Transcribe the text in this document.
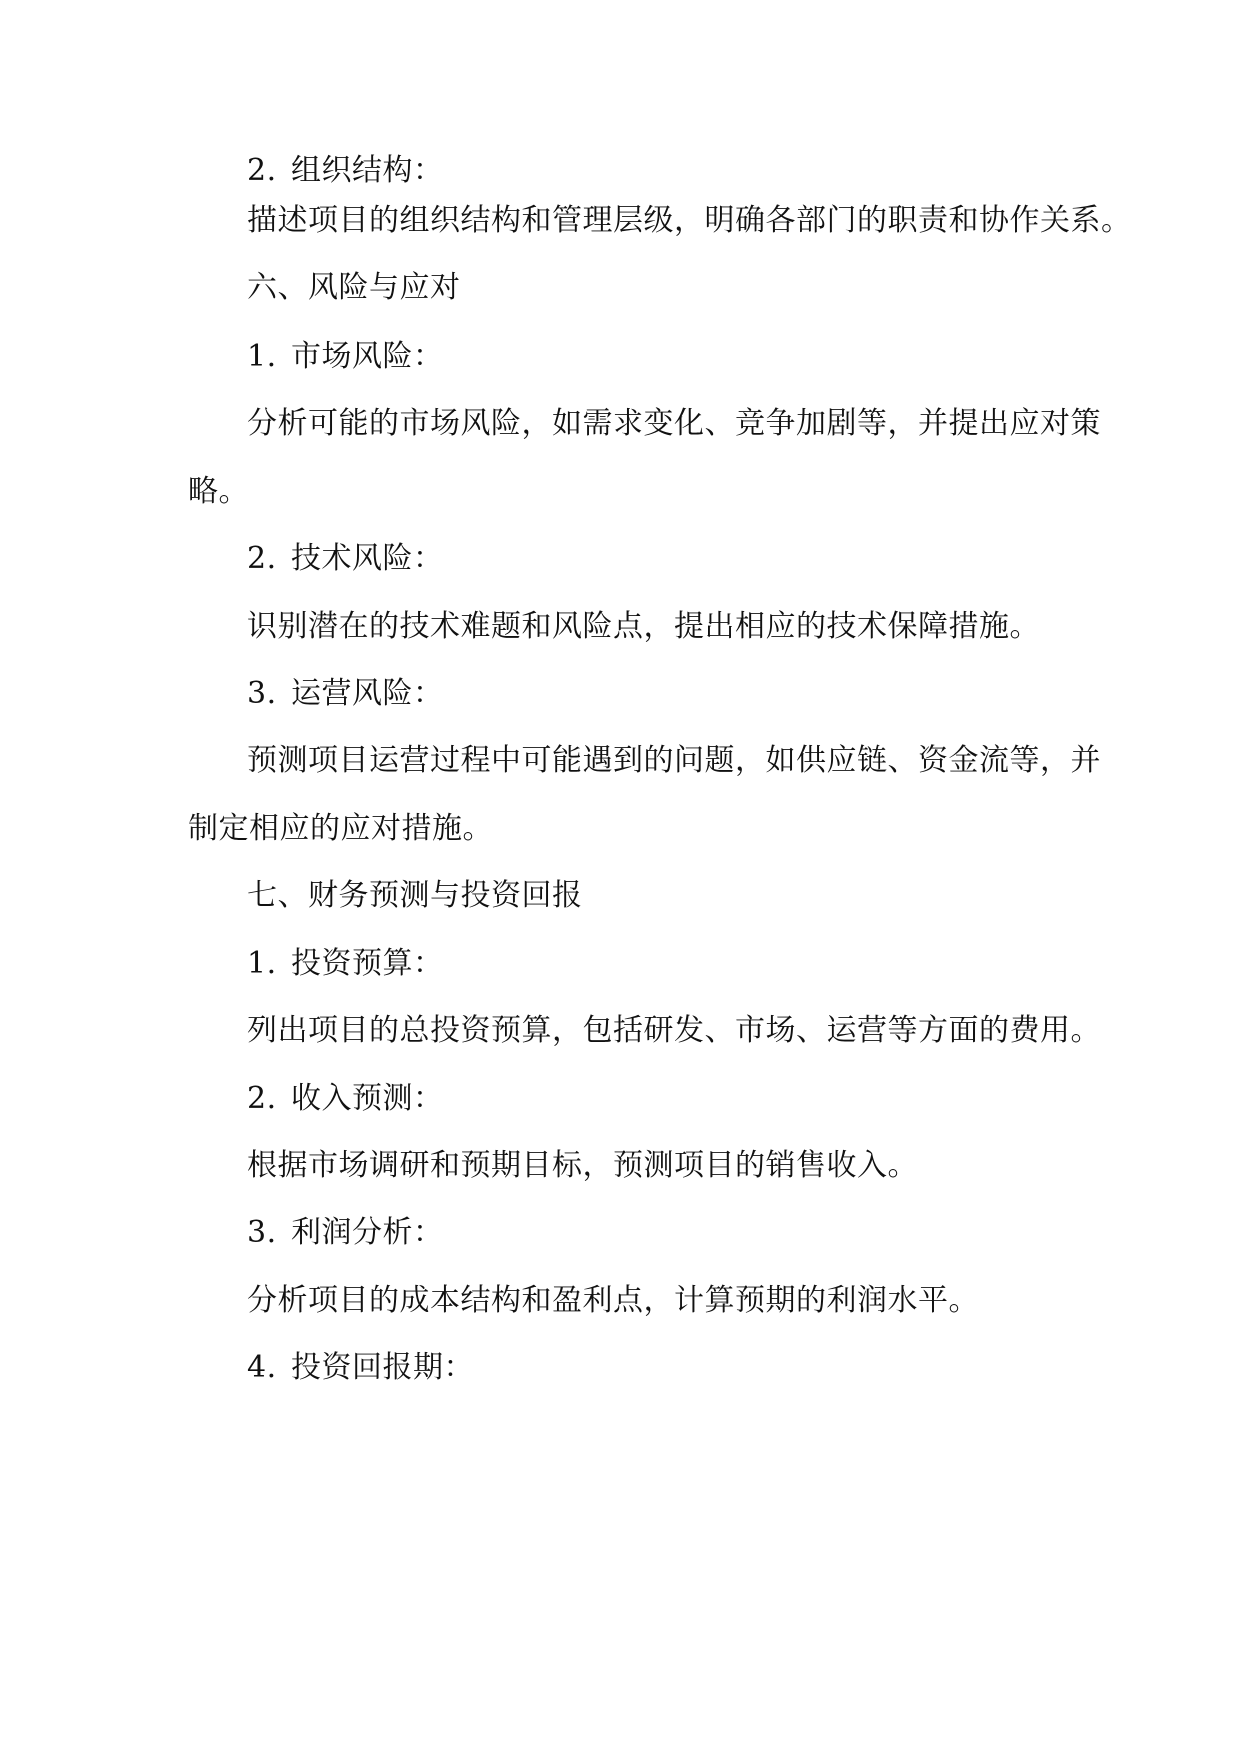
2. 组织结构：
描述项目的组织结构和管理层级，明确各部门的职责和协作关系。
六、风险与应对
1. 市场风险：
分析可能的市场风险，如需求变化、竞争加剧等，并提出应对策
略。
2. 技术风险：
识别潜在的技术难题和风险点，提出相应的技术保障措施。
3. 运营风险：
预测项目运营过程中可能遇到的问题，如供应链、资金流等，并
制定相应的应对措施。
七、财务预测与投资回报
1. 投资预算：
列出项目的总投资预算，包括研发、市场、运营等方面的费用。
2. 收入预测：
根据市场调研和预期目标，预测项目的销售收入。
3. 利润分析：
分析项目的成本结构和盈利点，计算预期的利润水平。
4. 投资回报期：
